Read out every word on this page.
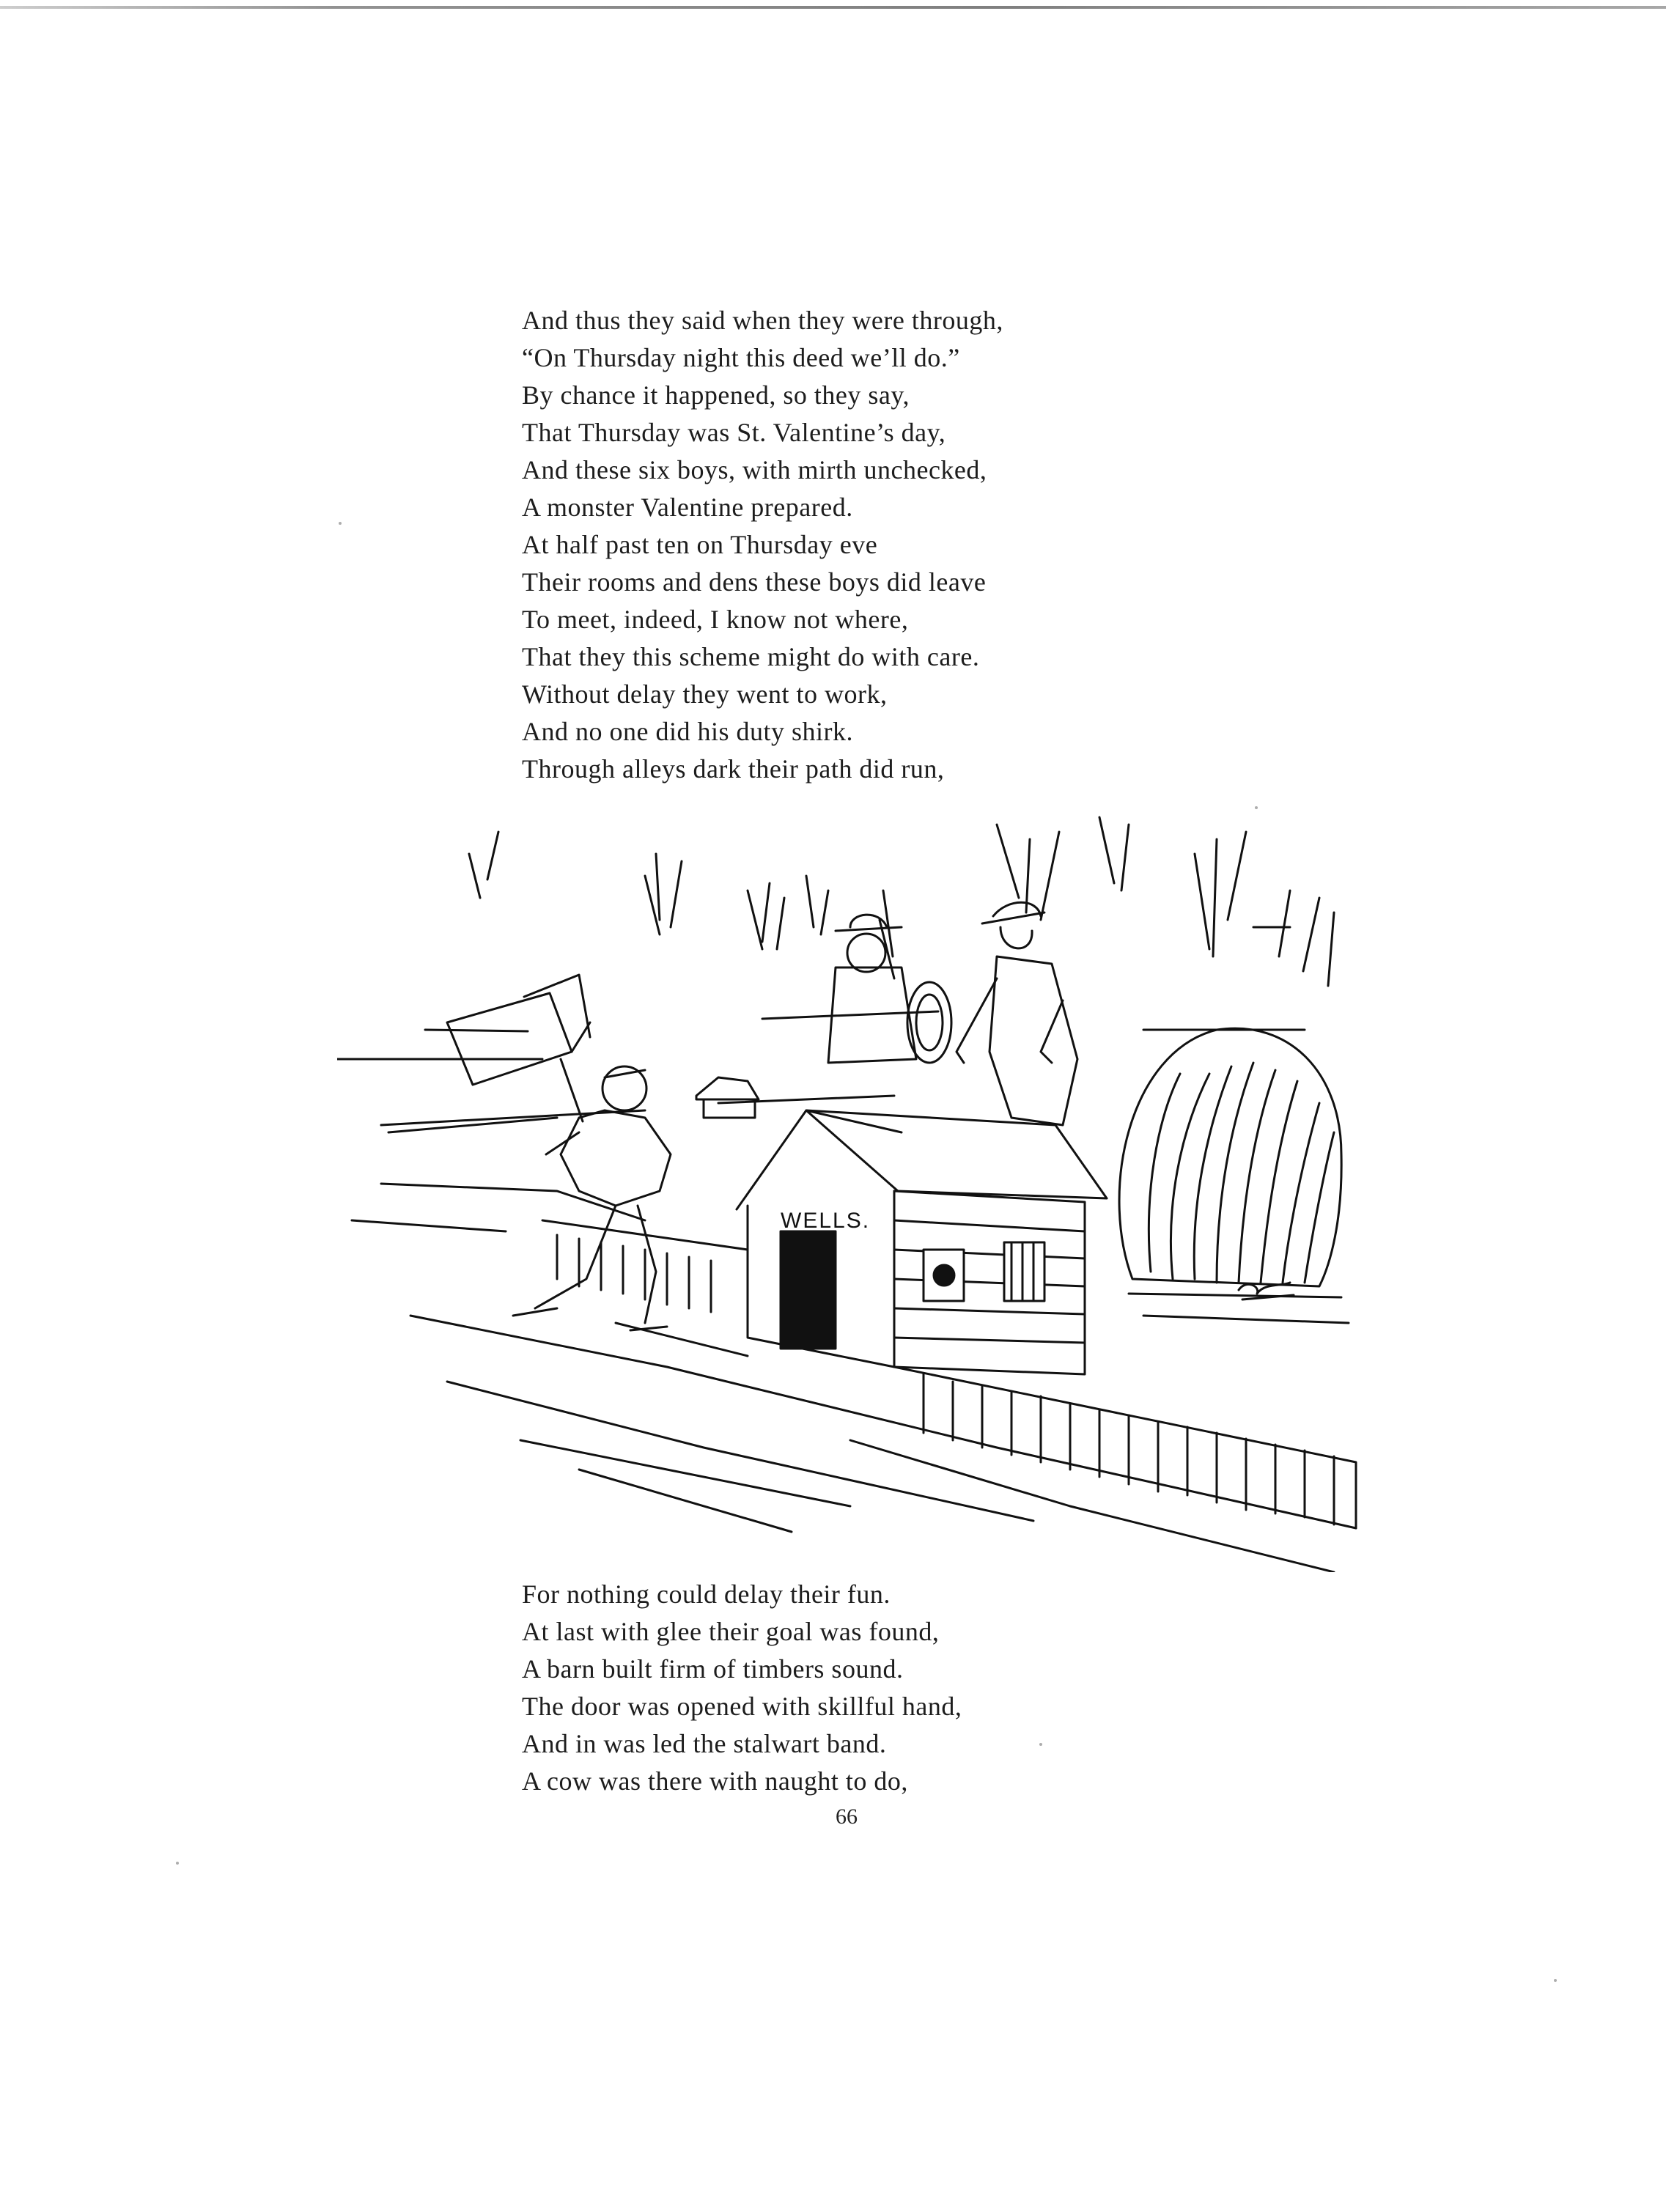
And thus they said when they were through,
“On Thursday night this deed we’ll do.”
By chance it happened, so they say,
That Thursday was St. Valentine’s day,
And these six boys, with mirth unchecked,
A monster Valentine prepared.
At half past ten on Thursday eve
Their rooms and dens these boys did leave
To meet, indeed, I know not where,
That they this scheme might do with care.
Without delay they went to work,
And no one did his duty shirk.
Through alleys dark their path did run,
WELLS.
For nothing could delay their fun.
At last with glee their goal was found,
A barn built firm of timbers sound.
The door was opened with skillful hand,
And in was led the stalwart band.
A cow was there with naught to do,
66
